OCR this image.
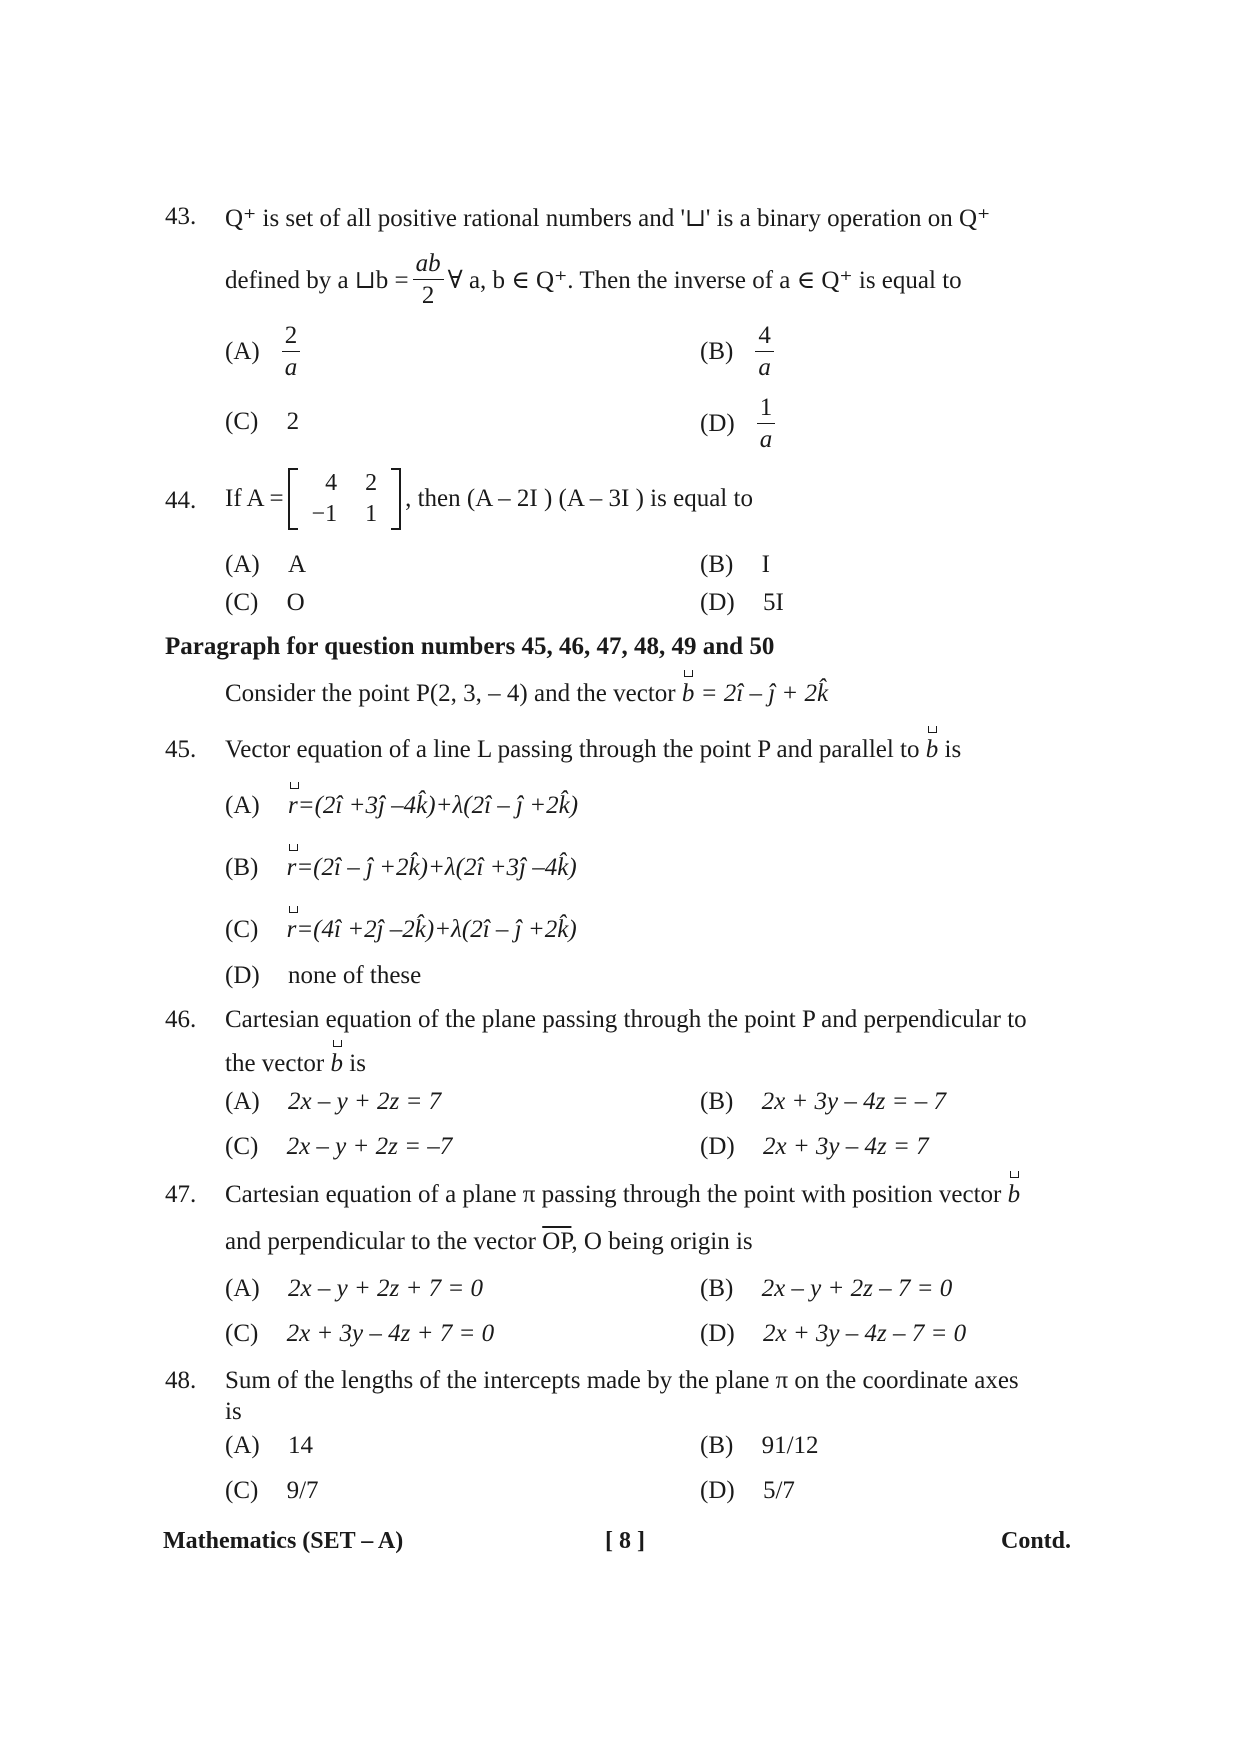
43. Q⁺ is set of all positive rational numbers and '⊔' is a binary operation on Q⁺
defined by a ⊔b = $\frac{ab}{2}$ ∀ a, b ∈ Q⁺. Then the inverse of a ∈ Q⁺ is equal to
$(A) \frac{2}{a}$	$(B) \frac{4}{a}$
(C) 2	$(D) \frac{1}{a}$
44. If A =
4	2
−1	1
, then (A – 2I ) (A – 3I ) is equal to
(A) A	(B) I
(C) O	(D) 5I
Paragraph for question numbers 45, 46, 47, 48, 49 and 50
Consider the point P(2, 3, – 4) and the vector b = 2î – ĵ + 2k̂
45. Vector equation of a line L passing through the point P and parallel to b is
(A) r=(2î +3ĵ –4k̂)+λ(2î – ĵ +2k̂)
(B) r=(2î – ĵ +2k̂)+λ(2î +3ĵ –4k̂)
(C) r=(4î +2ĵ –2k̂)+λ(2î – ĵ +2k̂)
(D) none of these
46. Cartesian equation of the plane passing through the point P and perpendicular to
the vector b is
(A) 2x – y + 2z = 7	(B) 2x + 3y – 4z = – 7
(C) 2x – y + 2z = –7	(D) 2x + 3y – 4z = 7
47. Cartesian equation of a plane π passing through the point with position vector b
and perpendicular to the vector $\overline{OP}$, O being origin is
(A) 2x – y + 2z + 7 = 0	(B) 2x – y + 2z – 7 = 0
(C) 2x + 3y – 4z + 7 = 0	(D) 2x + 3y – 4z – 7 = 0
48. Sum of the lengths of the intercepts made by the plane π on the coordinate axes
is
(A) 14	(B) 91/12
(C) 9/7	(D) 5/7
Mathematics (SET – A)	[ 8 ]	Contd.
